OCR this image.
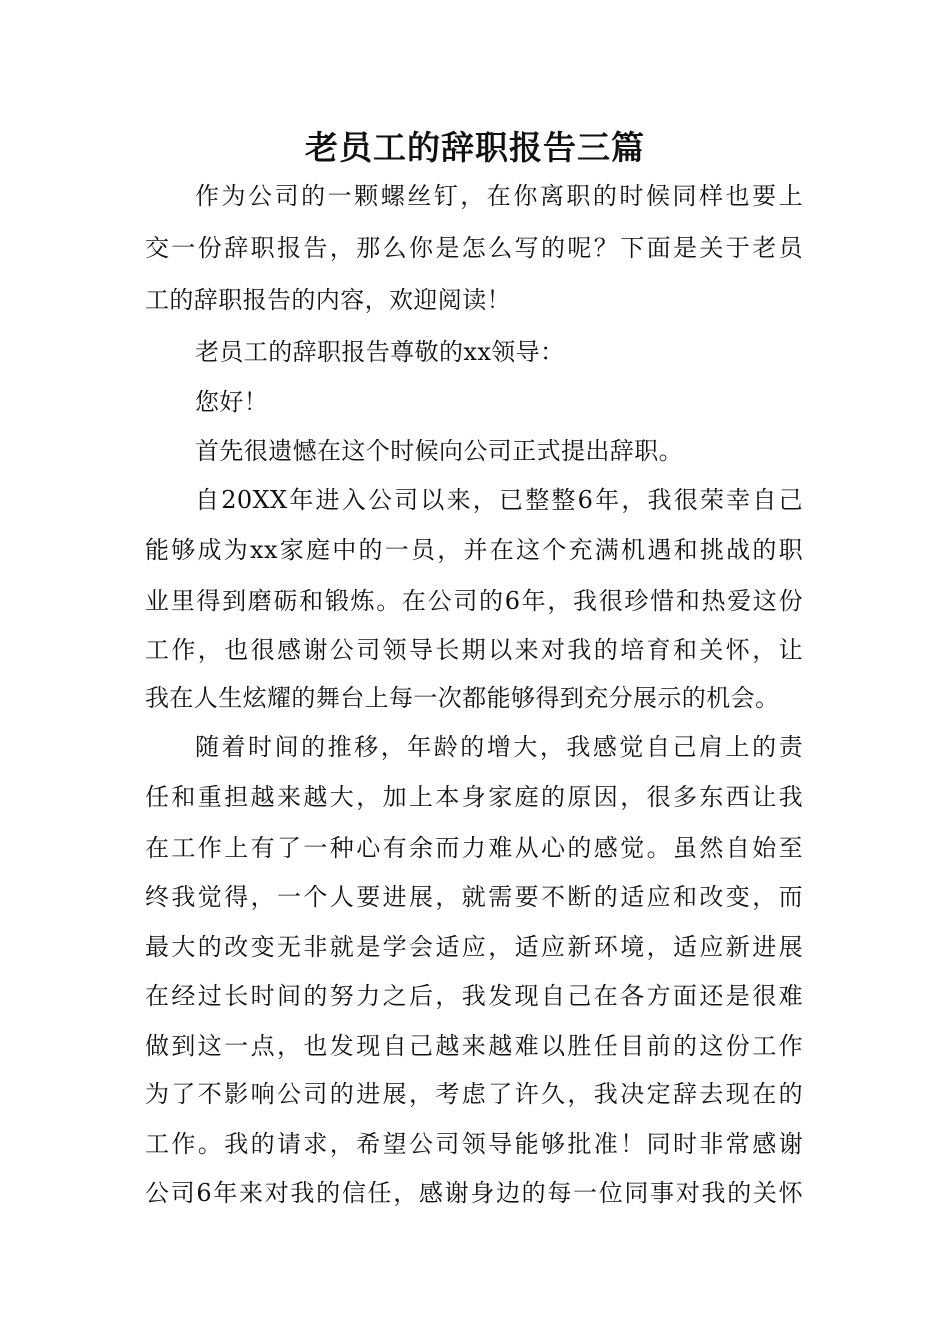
老员工的辞职报告三篇

作为公司的一颗螺丝钉，在你离职的时候同样也要上

交一份辞职报告，那么你是怎么写的呢？下面是关于老员

工的辞职报告的内容，欢迎阅读！

老员工的辞职报告尊敬的xx领导：

您好！

首先很遗憾在这个时候向公司正式提出辞职。

自20XX年进入公司以来，已整整6年，我很荣幸自己

能够成为xx家庭中的一员，并在这个充满机遇和挑战的职

业里得到磨砺和锻炼。在公司的6年，我很珍惜和热爱这份

工作，也很感谢公司领导长期以来对我的培育和关怀，让

我在人生炫耀的舞台上每一次都能够得到充分展示的机会。

随着时间的推移，年龄的增大，我感觉自己肩上的责

任和重担越来越大，加上本身家庭的原因，很多东西让我

在工作上有了一种心有余而力难从心的感觉。虽然自始至

终我觉得，一个人要进展，就需要不断的适应和改变，而

最大的改变无非就是学会适应，适应新环境，适应新进展

在经过长时间的努力之后，我发现自己在各方面还是很难

做到这一点，也发现自己越来越难以胜任目前的这份工作

为了不影响公司的进展，考虑了许久，我决定辞去现在的

工作。我的请求，希望公司领导能够批准！同时非常感谢

公司6年来对我的信任，感谢身边的每一位同事对我的关怀
